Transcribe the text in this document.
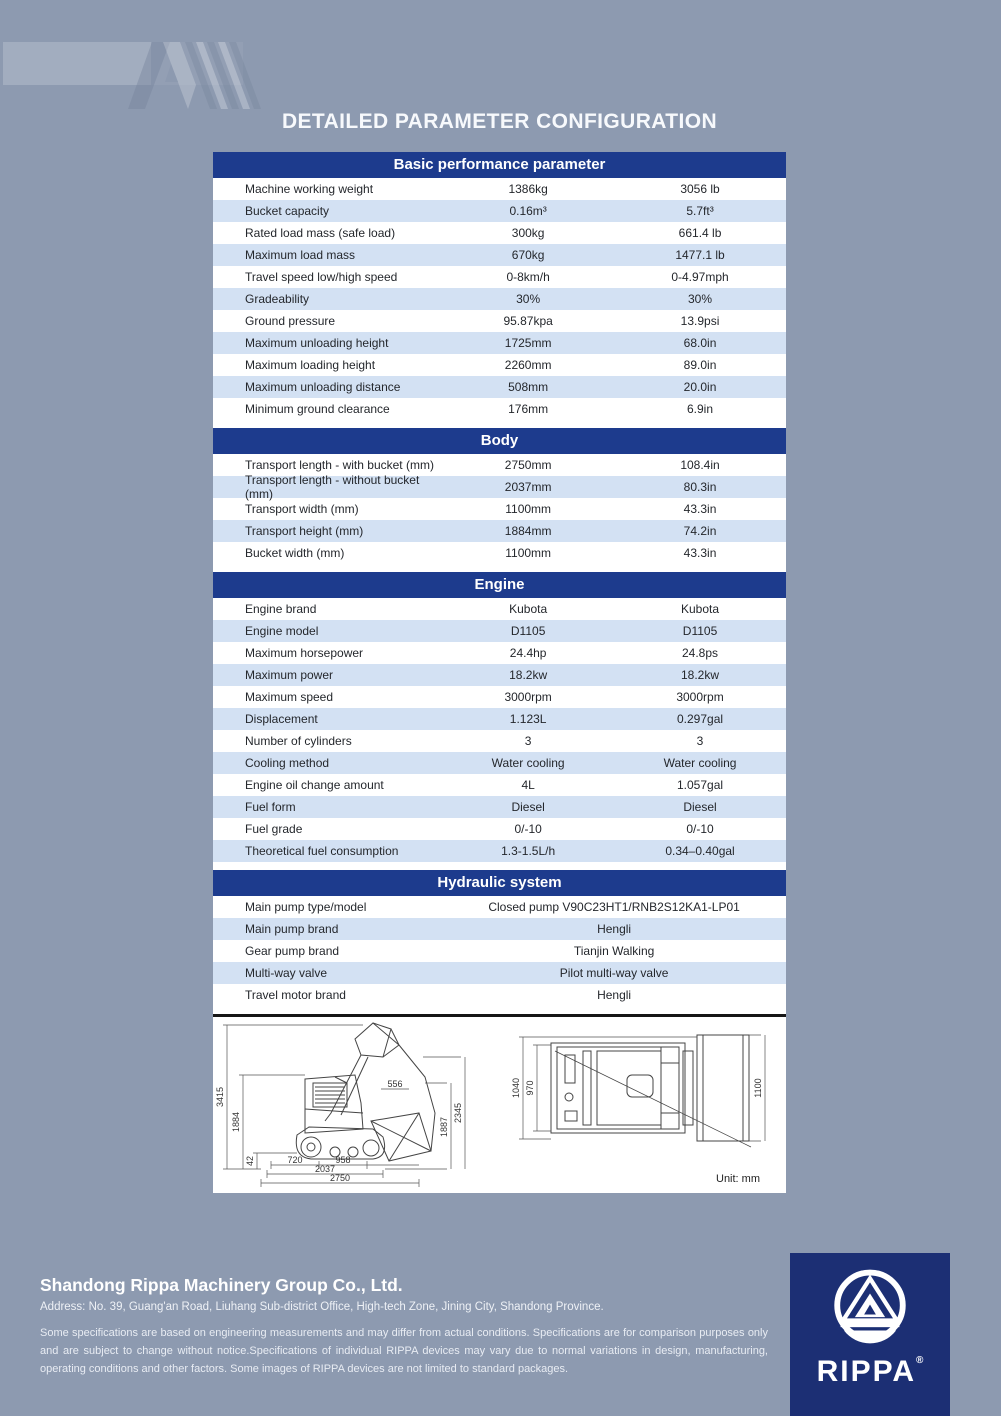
DETAILED PARAMETER CONFIGURATION
Basic performance parameter
Machine working weight	1386kg	3056 lb
Bucket capacity	0.16m³	5.7ft³
Rated load mass (safe load)	300kg	661.4 lb
Maximum load mass	670kg	1477.1 lb
Travel speed low/high speed	0-8km/h	0-4.97mph
Gradeability	30%	30%
Ground pressure	95.87kpa	13.9psi
Maximum unloading height	1725mm	68.0in
Maximum loading height	2260mm	89.0in
Maximum unloading distance	508mm	20.0in
Minimum ground clearance	176mm	6.9in
Body
Transport length - with bucket (mm)	2750mm	108.4in
Transport length - without bucket (mm)	2037mm	80.3in
Transport width (mm)	1100mm	43.3in
Transport height (mm)	1884mm	74.2in
Bucket width (mm)	1100mm	43.3in
Engine
Engine brand	Kubota	Kubota
Engine model	D1105	D1105
Maximum horsepower	24.4hp	24.8ps
Maximum power	18.2kw	18.2kw
Maximum speed	3000rpm	3000rpm
Displacement	1.123L	0.297gal
Number of cylinders	3	3
Cooling method	Water cooling	Water cooling
Engine oil change amount	4L	1.057gal
Fuel form	Diesel	Diesel
Fuel grade	0/-10	0/-10
Theoretical fuel consumption	1.3-1.5L/h	0.34–0.40gal
Hydraulic system
Main pump type/model	Closed pump V90C23HT1/RNB2S12KA1-LP01
Main pump brand	Hengli
Gear pump brand	Tianjin Walking
Multi-way valve	Pilot multi-way valve
Travel motor brand	Hengli
3415
1884
42	720	958
2037
2750
556
1887
2345
1040 970	1100
Unit: mm
Shandong Rippa Machinery Group Co., Ltd.
Address: No. 39, Guang'an Road, Liuhang Sub-district Office, High-tech Zone, Jining City, Shandong Province.
Some specifications are based on engineering measurements and may differ from actual conditions. Specifications are for comparison purposes only and are subject to change without notice.Specifications of individual RIPPA devices may vary due to normal variations in design, manufacturing, operating conditions and other factors. Some images of RIPPA devices are not limited to standard packages.	RIPPA®
